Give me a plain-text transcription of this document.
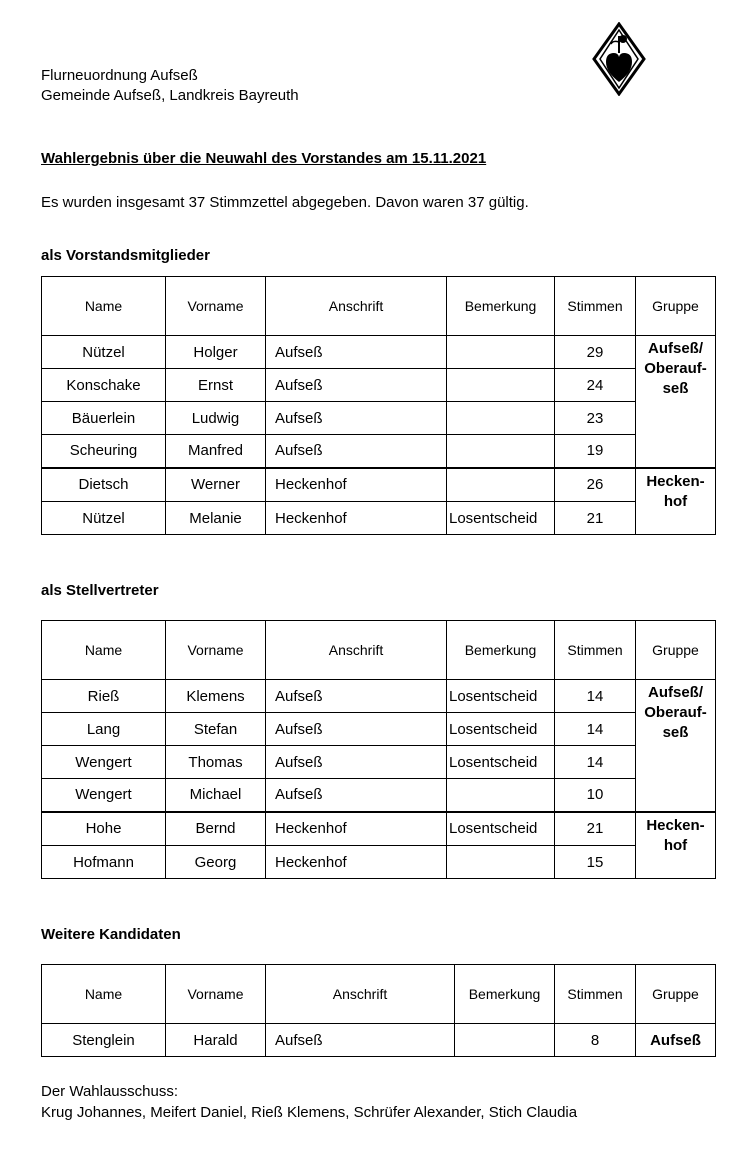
Flurneuordnung Aufseß
Gemeinde Aufseß, Landkreis Bayreuth
Wahlergebnis über die Neuwahl des Vorstandes am 15.11.2021
Es wurden insgesamt 37 Stimmzettel abgegeben. Davon waren 37 gültig.
als Vorstandsmitglieder
Name	Vorname	Anschrift	Bemerkung	Stimmen	Gruppe
Nützel	Holger	Aufseß		29	Aufseß/
Oberauf-
seß

Konschake	Ernst	Aufseß		24	
Bäuerlein	Ludwig	Aufseß		23	
Scheuring	Manfred	Aufseß		19	
Dietsch	Werner	Heckenhof		26	Hecken-
hof

Nützel	Melanie	Heckenhof	Losentscheid	21	
als Stellvertreter
Name	Vorname	Anschrift	Bemerkung	Stimmen	Gruppe
Rieß	Klemens	Aufseß	Losentscheid	14	Aufseß/
Oberauf-
seß

Lang	Stefan	Aufseß	Losentscheid	14	
Wengert	Thomas	Aufseß	Losentscheid	14	
Wengert	Michael	Aufseß		10	
Hohe	Bernd	Heckenhof	Losentscheid	21	Hecken-
hof

Hofmann	Georg	Heckenhof		15	
Weitere Kandidaten
Name	Vorname	Anschrift	Bemerkung	Stimmen	Gruppe
Stenglein	Harald	Aufseß		8	Aufseß
Der Wahlausschuss:
Krug Johannes, Meifert Daniel, Rieß Klemens, Schrüfer Alexander, Stich Claudia
